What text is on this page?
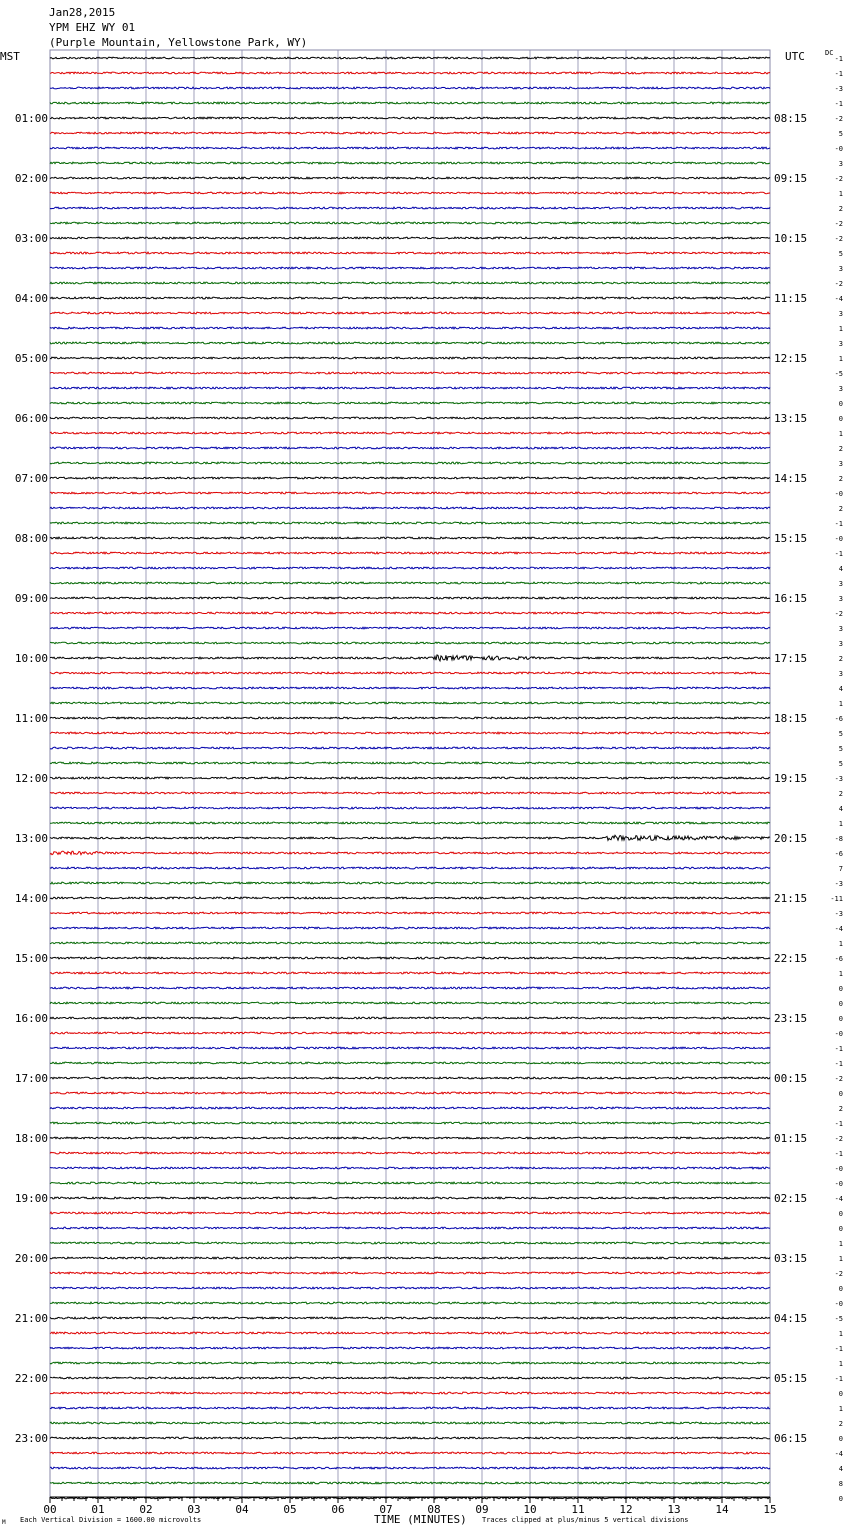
Jan28,2015
YPM EHZ WY 01
(Purple Mountain, Yellowstone Park, WY)
MST	UTC	DC
-1
-1
-3
-1
-2
5
-0
3
-2
1
2
-2
-2
5
3
-2
-4
3
1
3
1
-5
3
0
0
1
2
3
2
-0
2
-1
-0
-1
4
3
3
-2
3
3
2
3
4
1
-6
5
5
5
-3
2
4
1
-8
-6
7
-3
-11
-3
-4
1
-6
1
0
0
0
-0
-1
-1
-2
0
2
-1
-2
-1
-0
-0
-4
0
0
1
1
-2
0
-0
-5
1
-1
1
-1
0
1
2
0
-4
4
8
0
01:00
02:00
03:00
04:00
05:00
06:00
07:00
08:00
09:00
10:00
11:00
12:00
13:00
14:00
15:00
16:00
17:00
18:00
19:00
20:00
21:00
22:00
23:00
08:15
09:15
10:15
11:15
12:15
13:15
14:15
15:15
16:15
17:15
18:15
19:15
20:15
21:15
22:15
23:15
00:15
01:15
02:15
03:15
04:15
05:15
06:15
00	01	02	03	04	05	06	07	08	09	10	11	12	13	14	15
M Each Vertical Division = 1600.00 microvolts	TIME (MINUTES) Traces clipped at plus/minus 5 vertical divisions
